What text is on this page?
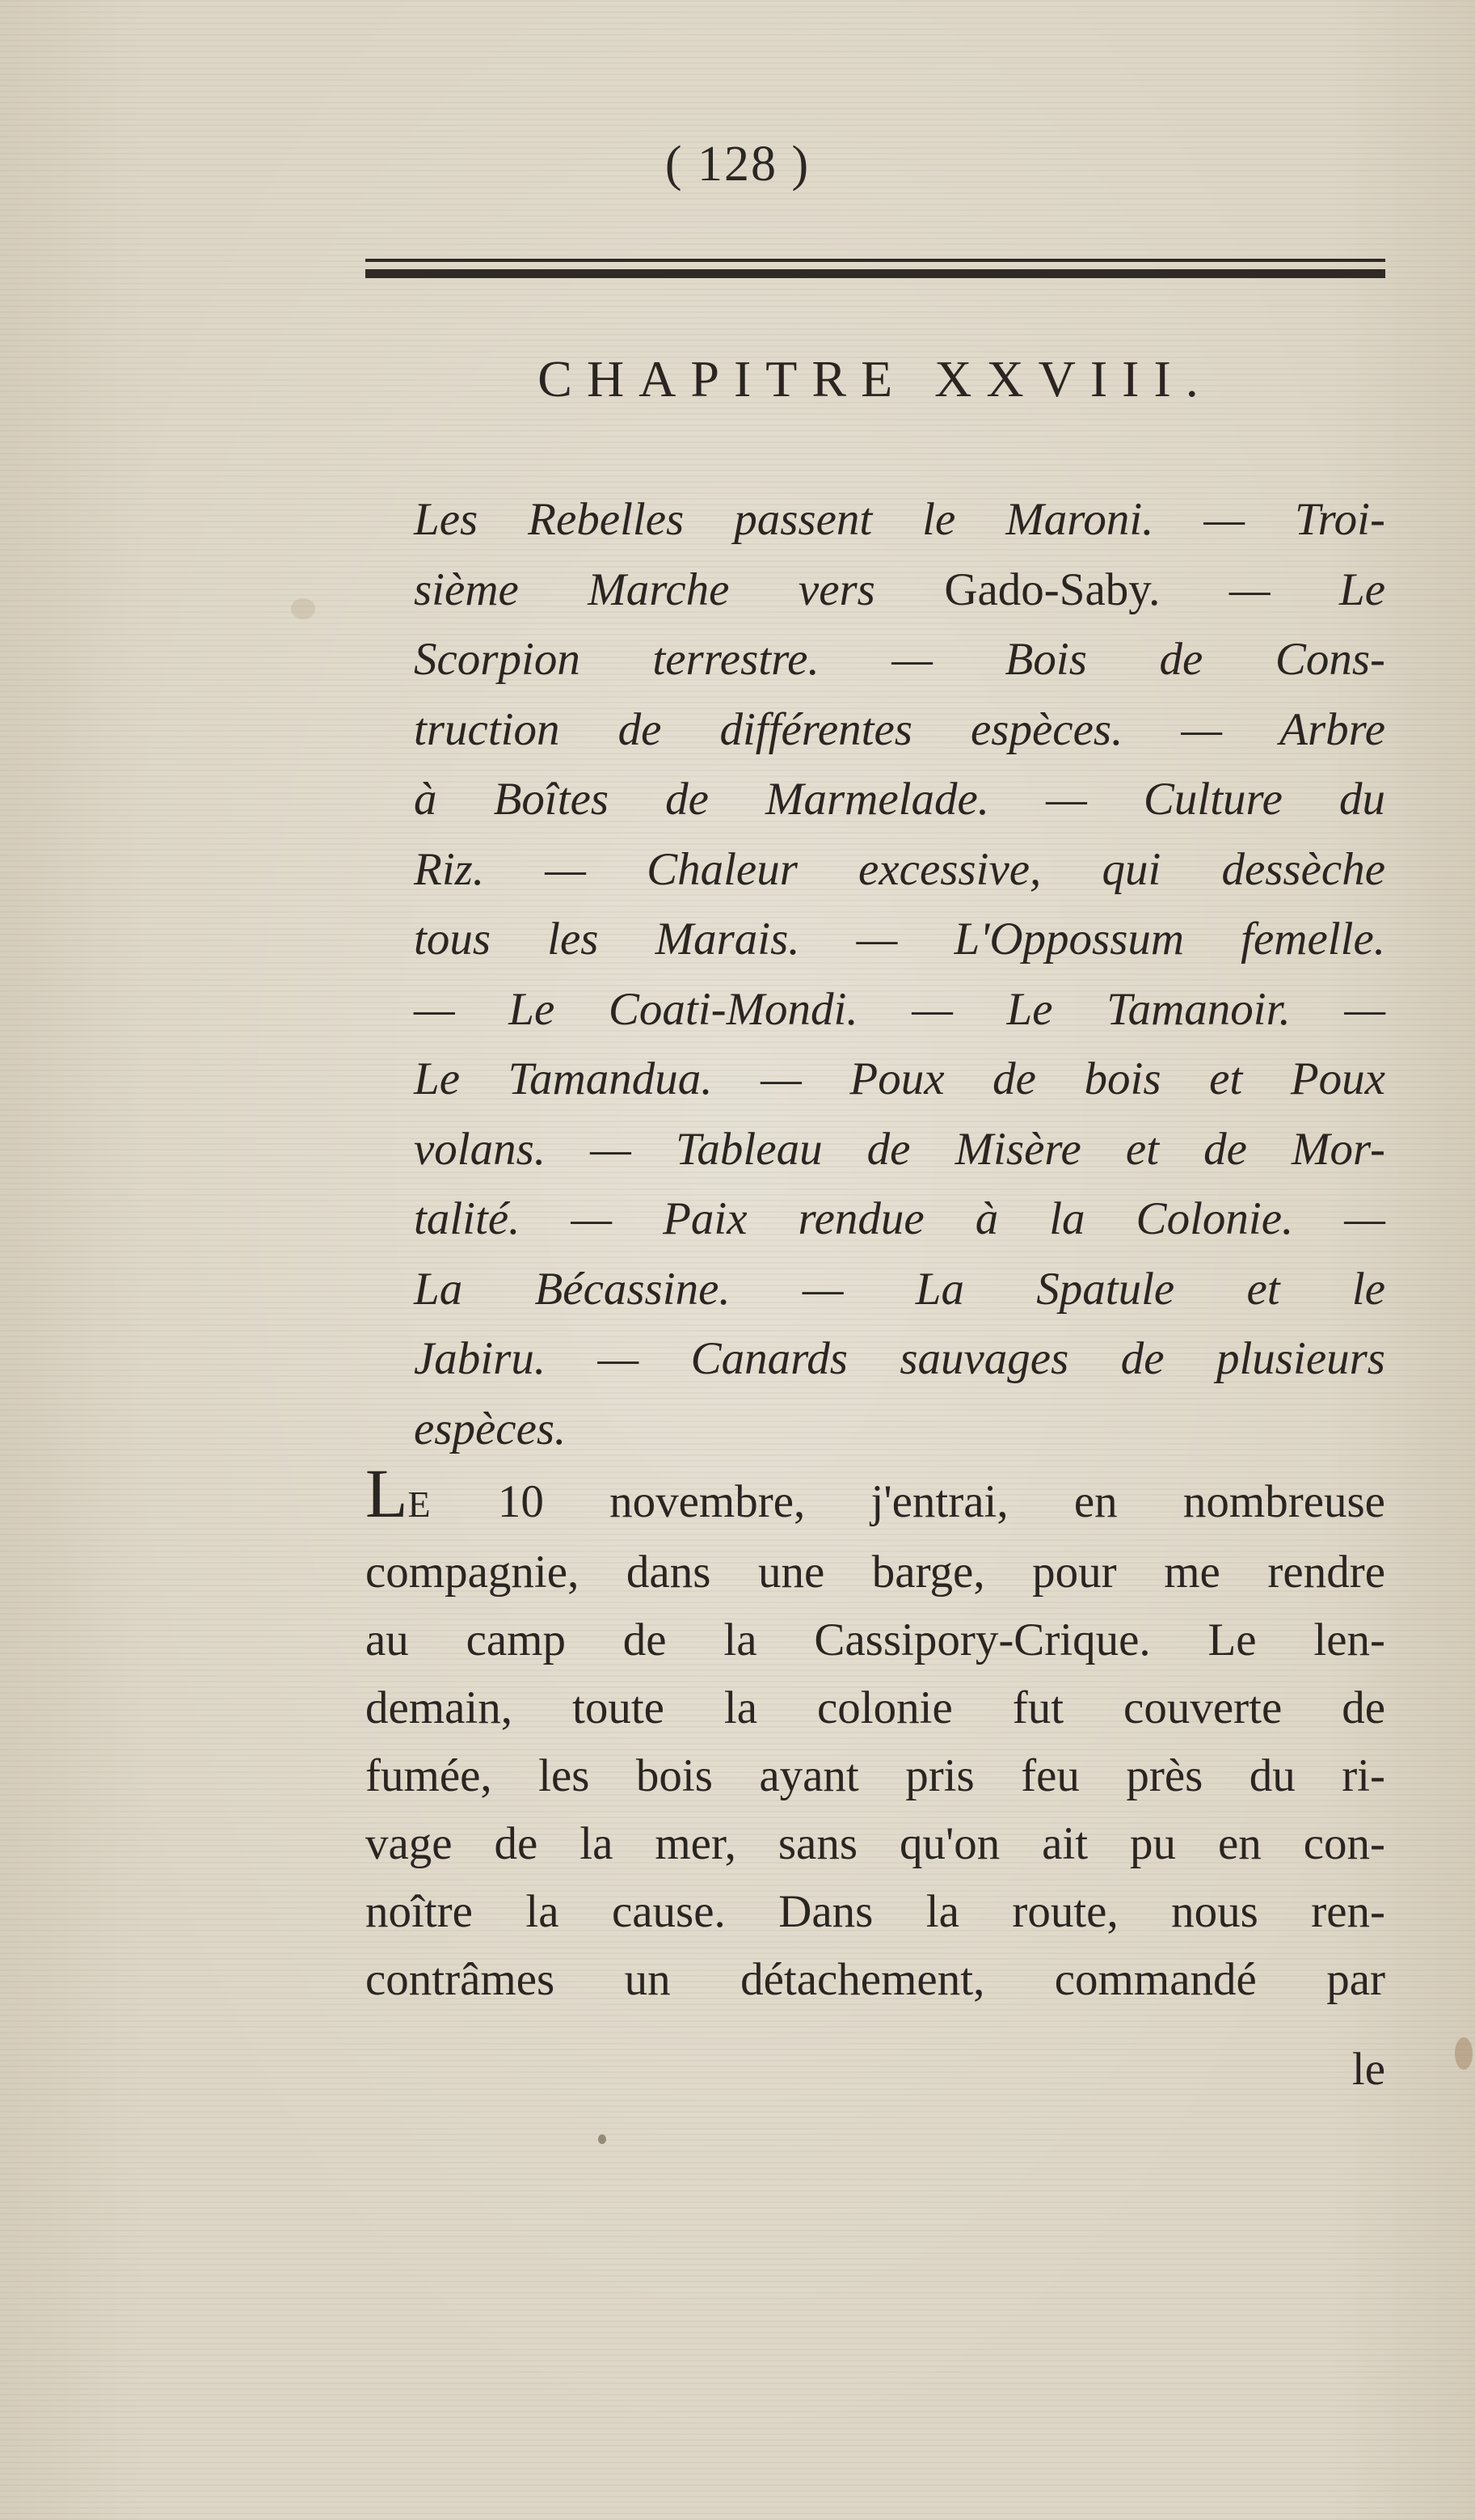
( 128 )
CHAPITRE XXVIII.
Les Rebelles passent le Maroni. — Troi-
sième Marche vers Gado-Saby. — Le
Scorpion terrestre. — Bois de Cons-
truction de différentes espèces. — Arbre
à Boîtes de Marmelade. — Culture du
Riz. — Chaleur excessive, qui dessèche
tous les Marais. — L'Oppossum femelle.
— Le Coati-Mondi. — Le Tamanoir. —
Le Tamandua. — Poux de bois et Poux
volans. — Tableau de Misère et de Mor-
talité. — Paix rendue à la Colonie. —
La Bécassine. — La Spatule et le
Jabiru. — Canards sauvages de plusieurs
espèces.
LE 10 novembre, j'entrai, en nombreuse
compagnie, dans une barge, pour me rendre
au camp de la Cassipory-Crique. Le len-
demain, toute la colonie fut couverte de
fumée, les bois ayant pris feu près du ri-
vage de la mer, sans qu'on ait pu en con-
noître la cause. Dans la route, nous ren-
contrâmes un détachement, commandé par
le
